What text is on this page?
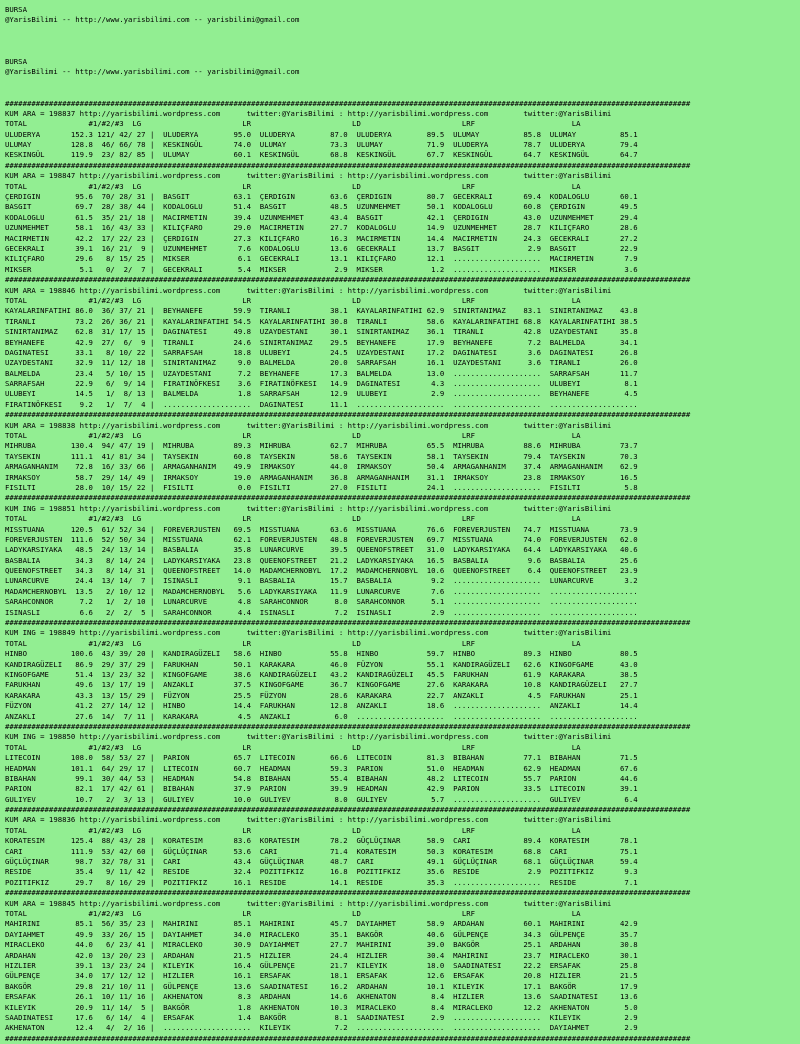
BURSA
@YarisBilimi -- http://www.yarisbilimi.com -- yarisbilimi@gmail.com
BURSA
@YarisBilimi -- http://www.yarisbilimi.com -- yarisbilimi@gmail.com
############################################################################################################################################################
KUM ARA = 198837 http://yarisbilimi.wordpress.com      twitter:@YarisBilimi : http://yarisbilimi.wordpress.com        twitter:@YarisBilimi
TOTAL              #1/#2/#3  LG                       LR                       LD                       LRF                      LA
ULUDERYA       152.3 121/ 42/ 27 |  ULUDERYA        95.0  ULUDERYA        87.0  ULUDERYA        89.5  ULUMAY          85.8  ULUMAY          85.1
ULUMAY         128.8  46/ 66/ 78 |  KESKINGÜL       74.0  ULUMAY          73.3  ULUMAY          71.9  ULUDERYA        78.7  ULUDERYA        79.4
KESKINGÜL      119.9  23/ 82/ 85 |  ULUMAY          60.1  KESKINGÜL       68.8  KESKINGÜL       67.7  KESKINGÜL       64.7  KESKINGÜL       64.7
############################################################################################################################################################
KUM ARA = 198847 http://yarisbilimi.wordpress.com      twitter:@YarisBilimi : http://yarisbilimi.wordpress.com        twitter:@YarisBilimi
TOTAL              #1/#2/#3  LG                       LR                       LD                       LRF                      LA
ÇERDIGIN        95.6  70/ 28/ 31 |  BASGIT          63.1  ÇERDIGIN        63.6  ÇERDIGIN        80.7  GECEKRALI       69.4  KODALOGLU       60.1
BASGIT          69.7  28/ 38/ 44 |  KODALOGLU       51.4  BASGIT          48.5  UZUNMEHMET      50.1  KODALOGLU       60.8  ÇERDIGIN        49.5
KODALOGLU       61.5  35/ 21/ 18 |  MACIRMETIN      39.4  UZUNMEHMET      43.4  BASGIT          42.1  ÇERDIGIN        43.0  UZUNMEHMET      29.4
UZUNMEHMET      58.1  16/ 43/ 33 |  KILIÇFARO       29.0  MACIRMETIN      27.7  KODALOGLU       14.9  UZUNMEHMET      28.7  KILIÇFARO       28.6
MACIRMETIN      42.2  17/ 22/ 23 |  ÇERDIGIN        27.3  KILIÇFARO       16.3  MACIRMETIN      14.4  MACIRMETIN      24.3  GECEKRALI       27.2
GECEKRALI       39.1  16/ 21/  9 |  UZUNMEHMET       7.6  KODALOGLU       13.6  GECEKRALI       13.7  BASGIT           2.9  BASGIT          22.9
KILIÇFARO       29.6   8/ 15/ 25 |  MIKSER           6.1  GECEKRALI       13.1  KILIÇFARO       12.1  ....................  MACIRMETIN       7.9
MIKSER           5.1   0/  2/  7 |  GECEKRALI        5.4  MIKSER           2.9  MIKSER           1.2  ....................  MIKSER           3.6
############################################################################################################################################################
KUM ARA = 198846 http://yarisbilimi.wordpress.com      twitter:@YarisBilimi : http://yarisbilimi.wordpress.com        twitter:@YarisBilimi
TOTAL              #1/#2/#3  LG                       LR                       LD                       LRF                      LA
KAYALARINFATIHI 86.0  36/ 37/ 21 |  BEYHANEFE       59.9  TIRANLI         38.1  KAYALARINFATIHI 62.9  SINIRTANIMAZ    83.1  SINIRTANIMAZ    43.8
TIRANLI         73.2  26/ 36/ 21 |  KAYALARINFATIHI 54.5  KAYALARINFATIHI 30.8  TIRANLI         58.6  KAYALARINFATIHI 68.8  KAYALARINFATIHI 38.5
SINIRTANIMAZ    62.8  31/ 17/ 15 |  DAGINATESI      49.8  UZAYDESTANI     30.1  SINIRTANIMAZ    36.1  TIRANLI         42.8  UZAYDESTANI     35.8
BEYHANEFE       42.9  27/  6/  9 |  TIRANLI         24.6  SINIRTANIMAZ    29.5  BEYHANEFE       17.9  BEYHANEFE        7.2  BALMELDA        34.1
DAGINATESI      33.1   8/ 10/ 22 |  SARRAFSAH       18.8  ULUBEYI         24.5  UZAYDESTANI     17.2  DAGINATESI       3.6  DAGINATESI      26.8
UZAYDESTANI     32.9  11/ 12/ 18 |  SINIRTANIMAZ     9.0  BALMELDA        20.0  SARRAFSAH       16.1  UZAYDESTANI      3.6  TIRANLI         26.0
BALMELDA        23.4   5/ 10/ 15 |  UZAYDESTANI      7.2  BEYHANEFE       17.3  BALMELDA        13.0  ....................  SARRAFSAH       11.7
SARRAFSAH       22.9   6/  9/ 14 |  FIRATINÖFKESI    3.6  FIRATINÖFKESI   14.9  DAGINATESI       4.3  ....................  ULUBEYI          8.1
ULUBEYI         14.5   1/  8/ 13 |  BALMELDA         1.8  SARRAFSAH       12.9  ULUBEYI          2.9  ....................  BEYHANEFE        4.5
FIRATINÖFKESI    9.2   1/  7/  4 |  ....................  DAGINATESI      11.1  ....................  ....................  ....................
############################################################################################################################################################
KUM ARA = 198838 http://yarisbilimi.wordpress.com      twitter:@YarisBilimi : http://yarisbilimi.wordpress.com        twitter:@YarisBilimi
TOTAL              #1/#2/#3  LG                       LR                       LD                       LRF                      LA
MIHRUBA        130.4  94/ 47/ 19 |  MIHRUBA         89.3  MIHRUBA         62.7  MIHRUBA         65.5  MIHRUBA         88.6  MIHRUBA         73.7
TAYSEKIN       111.1  41/ 81/ 34 |  TAYSEKIN        60.8  TAYSEKIN        58.6  TAYSEKIN        58.1  TAYSEKIN        79.4  TAYSEKIN        70.3
ARMAGANHANIM    72.8  16/ 33/ 66 |  ARMAGANHANIM    49.9  IRMAKSOY        44.0  IRMAKSOY        50.4  ARMAGANHANIM    37.4  ARMAGANHANIM    62.9
IRMAKSOY        58.7  29/ 14/ 49 |  IRMAKSOY        19.0  ARMAGANHANIM    36.8  ARMAGANHANIM    31.1  IRMAKSOY        23.8  IRMAKSOY        16.5
FISILTI         28.0  10/ 15/ 22 |  FISILTI          0.0  FISILTI         27.0  FISILTI         24.1  ....................  FISILTI          5.8
############################################################################################################################################################
KUM ING = 198851 http://yarisbilimi.wordpress.com      twitter:@YarisBilimi : http://yarisbilimi.wordpress.com        twitter:@YarisBilimi
TOTAL              #1/#2/#3  LG                       LR                       LD                       LRF                      LA
MISSTUANA      120.5  61/ 52/ 34 |  FOREVERJUSTEN   69.5  MISSTUANA       63.6  MISSTUANA       76.6  FOREVERJUSTEN   74.7  MISSTUANA       73.9
FOREVERJUSTEN  111.6  52/ 50/ 34 |  MISSTUANA       62.1  FOREVERJUSTEN   48.8  FOREVERJUSTEN   69.7  MISSTUANA       74.0  FOREVERJUSTEN   62.0
LADYKARSIYAKA   48.5  24/ 13/ 14 |  BASBALIA        35.8  LUNARCURVE      39.5  QUEENOFSTREET   31.0  LADYKARSIYAKA   64.4  LADYKARSIYAKA   40.6
BASBALIA        34.3   8/ 14/ 24 |  LADYKARSIYAKA   23.8  QUEENOFSTREET   21.2  LADYKARSIYAKA   16.5  BASBALIA         9.6  BASBALIA        25.6
QUEENOFSTREET   34.3   8/ 14/ 31 |  QUEENOFSTREET   14.0  MADAMCHERNOBYL  17.2  MADAMCHERNOBYL  10.6  QUEENOFSTREET    6.4  QUEENOFSTREET   23.9
LUNARCURVE      24.4  13/ 14/  7 |  ISINASLI         9.1  BASBALIA        15.7  BASBALIA         9.2  ....................  LUNARCURVE       3.2
MADAMCHERNOBYL  13.5   2/ 10/ 12 |  MADAMCHERNOBYL   5.6  LADYKARSIYAKA   11.9  LUNARCURVE       7.6  ....................  ....................
SARAHCONNOR      7.2   1/  2/ 10 |  LUNARCURVE       4.8  SARAHCONNOR      8.0  SARAHCONNOR      5.1  ....................  ....................
ISINASLI         6.6   2/  2/  5 |  SARAHCONNOR      4.4  ISINASLI         7.2  ISINASLI         2.9  ....................  ....................
############################################################################################################################################################
KUM ING = 198849 http://yarisbilimi.wordpress.com      twitter:@YarisBilimi : http://yarisbilimi.wordpress.com        twitter:@YarisBilimi
TOTAL              #1/#2/#3  LG                       LR                       LD                       LRF                      LA
HINBO          100.6  43/ 39/ 20 |  KANDIRAGÜZELI   58.6  HINBO           55.8  HINBO           59.7  HINBO           89.3  HINBO           80.5
KANDIRAGÜZELI   86.9  29/ 37/ 29 |  FARUKHAN        50.1  KARAKARA        46.0  FÜZYON          55.1  KANDIRAGÜZELI   62.6  KINGOFGAME      43.0
KINGOFGAME      51.4  13/ 23/ 32 |  KINGOFGAME      38.6  KANDIRAGÜZELI   43.2  KANDIRAGÜZELI   45.5  FARUKHAN        61.9  KARAKARA        38.5
FARUKHAN        49.6  13/ 17/ 19 |  ANZAKLI         37.5  KINGOFGAME      36.7  KINGOFGAME      27.6  KARAKARA        10.8  KANDIRAGÜZELI   27.7
KARAKARA        43.3  13/ 15/ 29 |  FÜZYON          25.5  FÜZYON          28.6  KARAKARA        22.7  ANZAKLI          4.5  FARUKHAN        25.1
FÜZYON          41.2  27/ 14/ 12 |  HINBO           14.4  FARUKHAN        12.8  ANZAKLI         18.6  ....................  ANZAKLI         14.4
ANZAKLI         27.6  14/  7/ 11 |  KARAKARA         4.5  ANZAKLI          6.0  ....................  ....................  ....................
############################################################################################################################################################
KUM ING = 198850 http://yarisbilimi.wordpress.com      twitter:@YarisBilimi : http://yarisbilimi.wordpress.com        twitter:@YarisBilimi
TOTAL              #1/#2/#3  LG                       LR                       LD                       LRF                      LA
LITECOIN       108.0  58/ 53/ 27 |  PARION          65.7  LITECOIN        66.6  LITECOIN        81.3  BIBAHAN         77.1  BIBAHAN         71.5
HEADMAN        101.1  64/ 29/ 17 |  LITECOIN        60.7  HEADMAN         59.3  PARION          51.0  HEADMAN         62.9  HEADMAN         67.6
BIBAHAN         99.1  30/ 44/ 53 |  HEADMAN         54.8  BIBAHAN         55.4  BIBAHAN         48.2  LITECOIN        55.7  PARION          44.6
PARION          82.1  17/ 42/ 61 |  BIBAHAN         37.9  PARION          39.9  HEADMAN         42.9  PARION          33.5  LITECOIN        39.1
GULIYEV         10.7   2/  3/ 13 |  GULIYEV         10.0  GULIYEV          8.0  GULIYEV          5.7  ....................  GULIYEV          6.4
############################################################################################################################################################
KUM ARA = 198836 http://yarisbilimi.wordpress.com      twitter:@YarisBilimi : http://yarisbilimi.wordpress.com        twitter:@YarisBilimi
TOTAL              #1/#2/#3  LG                       LR                       LD                       LRF                      LA
KORATESIM      125.4  88/ 43/ 28 |  KORATESIM       83.6  KORATESIM       78.2  GÜÇLÜÇINAR      58.9  CARI            89.4  KORATESIM       78.1
CARI           111.9  53/ 42/ 60 |  GÜÇLÜÇINAR      53.6  CARI            71.4  KORATESIM       50.3  KORATESIM       68.8  CARI            75.1
GÜÇLÜÇINAR      98.7  32/ 78/ 31 |  CARI            43.4  GÜÇLÜÇINAR      48.7  CARI            49.1  GÜÇLÜÇINAR      68.1  GÜÇLÜÇINAR      59.4
RESIDE          35.4   9/ 11/ 42 |  RESIDE          32.4  POZITIFKIZ      16.8  POZITIFKIZ      35.6  RESIDE           2.9  POZITIFKIZ       9.3
POZITIFKIZ      29.7   8/ 16/ 29 |  POZITIFKIZ      16.1  RESIDE          14.1  RESIDE          35.3  ....................  RESIDE           7.1
############################################################################################################################################################
KUM ARA = 198845 http://yarisbilimi.wordpress.com      twitter:@YarisBilimi : http://yarisbilimi.wordpress.com        twitter:@YarisBilimi
TOTAL              #1/#2/#3  LG                       LR                       LD                       LRF                      LA
MAHIRINI        85.1  56/ 35/ 23 |  MAHIRINI        85.1  MAHIRINI        45.7  DAYIAHMET       58.9  ARDAHAN         60.1  MAHIRINI        42.9
DAYIAHMET       49.9  33/ 26/ 15 |  DAYIAHMET       34.0  MIRACLEKO       35.1  BAKGÖR          40.6  GÜLPENÇE        34.3  GÜLPENÇE        35.7
MIRACLEKO       44.0   6/ 23/ 41 |  MIRACLEKO       30.9  DAYIAHMET       27.7  MAHIRINI        39.0  BAKGÖR          25.1  ARDAHAN         30.8
ARDAHAN         42.0  13/ 20/ 23 |  ARDAHAN         21.5  HIZLIER         24.4  HIZLIER         30.4  MAHIRINI        23.7  MIRACLEKO       30.1
HIZLIER         39.1  13/ 23/ 24 |  KILEYIK         16.4  GÜLPENÇE        21.7  KILEYIK         18.0  SAADINATESI     22.2  ERSAFAK         25.8
GÜLPENÇE        34.0  17/ 12/ 12 |  HIZLIER         16.1  ERSAFAK         18.1  ERSAFAK         12.6  ERSAFAK         20.8  HIZLIER         21.5
BAKGÖR          29.8  21/ 10/ 11 |  GÜLPENÇE        13.6  SAADINATESI     16.2  ARDAHAN         10.1  KILEYIK         17.1  BAKGÖR          17.9
ERSAFAK         26.1  10/ 11/ 16 |  AKHENATON        8.3  ARDAHAN         14.6  AKHENATON        8.4  HIZLIER         13.6  SAADINATESI     13.6
KILEYIK         20.9  11/ 14/  5 |  BAKGÖR           1.8  AKHENATON       10.3  MIRACLEKO        8.4  MIRACLEKO       12.2  AKHENATON        5.0
SAADINATESI     17.6   6/ 14/  4 |  ERSAFAK          1.4  BAKGÖR           8.1  SAADINATESI      2.9  ....................  KILEYIK          2.9
AKHENATON       12.4   4/  2/ 16 |  ....................  KILEYIK          7.2  ....................  ....................  DAYIAHMET        2.9
############################################################################################################################################################
